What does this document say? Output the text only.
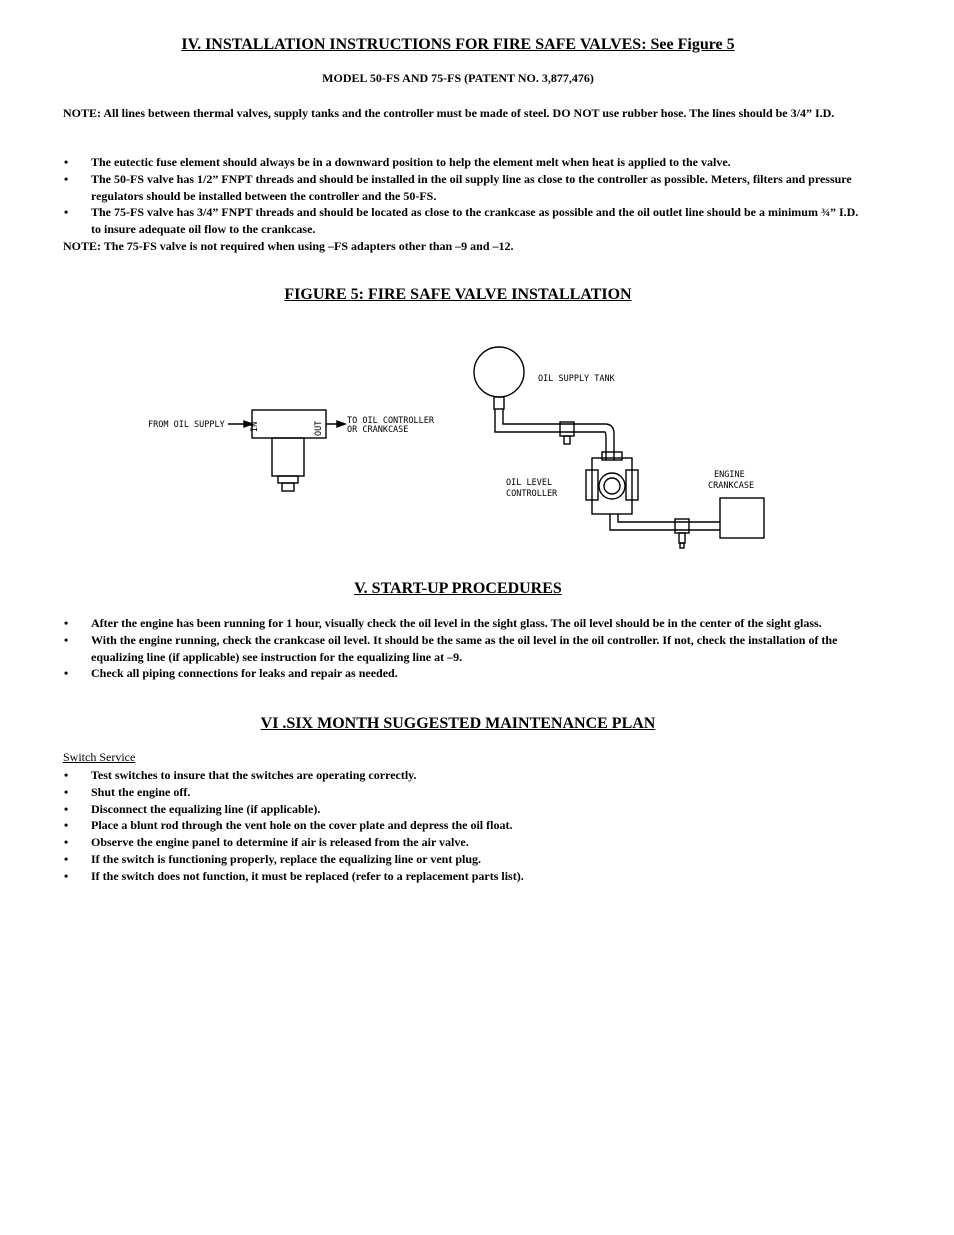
IV. INSTALLATION INSTRUCTIONS FOR FIRE SAFE VALVES: See Figure 5
MODEL 50-FS AND 75-FS (PATENT NO. 3,877,476)
NOTE: All lines between thermal valves, supply tanks and the controller must be made of steel. DO NOT use rubber hose. The lines should be 3/4” I.D.
• The eutectic fuse element should always be in a downward position to help the element melt when heat is applied to the valve.
• The 50-FS valve has 1/2” FNPT threads and should be installed in the oil supply line as close to the controller as possible. Meters, filters and pressure regulators should be installed between the controller and the 50-FS.
• The 75-FS valve has 3/4” FNPT threads and should be located as close to the crankcase as possible and the oil outlet line should be a minimum ¾” I.D. to insure adequate oil flow to the crankcase.
NOTE: The 75-FS valve is not required when using –FS adapters other than –9 and –12.
FIGURE 5: FIRE SAFE VALVE INSTALLATION
FROM OIL SUPPLY	IN	OUT	TO OIL CONTROLLER
OR CRANKCASE
OIL SUPPLY TANK
OIL LEVEL
CONTROLLER
ENGINE
CRANKCASE
V. START-UP PROCEDURES
• After the engine has been running for 1 hour, visually check the oil level in the sight glass. The oil level should be in the center of the sight glass.
• With the engine running, check the crankcase oil level. It should be the same as the oil level in the oil controller. If not, check the installation of the equalizing line (if applicable) see instruction for the equalizing line at –9.
• Check all piping connections for leaks and repair as needed.
VI .SIX MONTH SUGGESTED MAINTENANCE PLAN
Switch Service
• Test switches to insure that the switches are operating correctly.
• Shut the engine off.
• Disconnect the equalizing line (if applicable).
• Place a blunt rod through the vent hole on the cover plate and depress the oil float.
• Observe the engine panel to determine if air is released from the air valve.
• If the switch is functioning properly, replace the equalizing line or vent plug.
• If the switch does not function, it must be replaced (refer to a replacement parts list).
